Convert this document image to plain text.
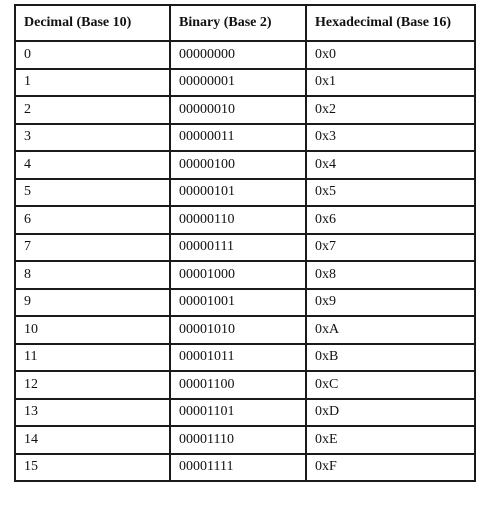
Decimal (Base 10)	Binary (Base 2)	Hexadecimal (Base 16)
0	00000000	0x0
1	00000001	0x1
2	00000010	0x2
3	00000011	0x3
4	00000100	0x4
5	00000101	0x5
6	00000110	0x6
7	00000111	0x7
8	00001000	0x8
9	00001001	0x9
10	00001010	0xA
11	00001011	0xB
12	00001100	0xC
13	00001101	0xD
14	00001110	0xE
15	00001111	0xF
